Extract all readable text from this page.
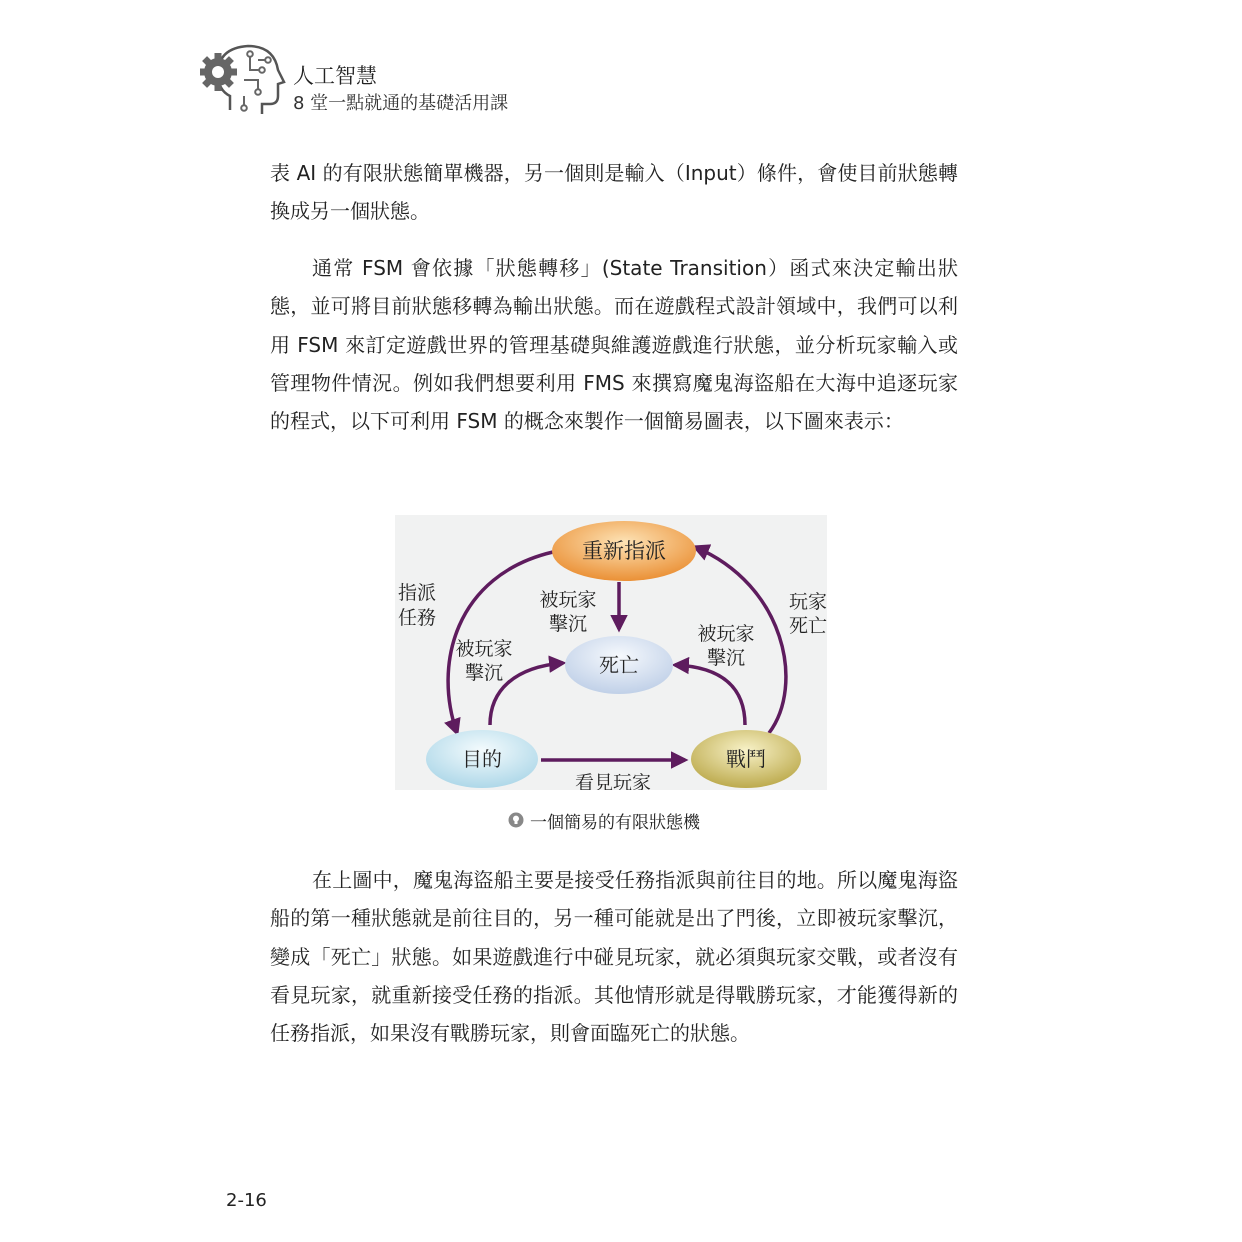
人工智慧
8 堂一點就通的基礎活用課

表 AI 的有限狀態簡單機器，另一個則是輸入（Input）條件，會使目前狀態轉換成另一個狀態。

通常 FSM 會依據「狀態轉移」(State Transition）函式來決定輸出狀態，並可將目前狀態移轉為輸出狀態。而在遊戲程式設計領域中，我們可以利用 FSM 來訂定遊戲世界的管理基礎與維護遊戲進行狀態，並分析玩家輸入或管理物件情況。例如我們想要利用 FMS 來撰寫魔鬼海盜船在大海中追逐玩家的程式，以下可利用 FSM 的概念來製作一個簡易圖表，以下圖來表示：

重新指派
死亡
目的	戰鬥
指派
任務
被玩家
擊沉
被玩家
擊沉
被玩家
擊沉
玩家
死亡
看見玩家
一個簡易的有限狀態機

在上圖中，魔鬼海盜船主要是接受任務指派與前往目的地。所以魔鬼海盜船的第一種狀態就是前往目的，另一種可能就是出了門後，立即被玩家擊沉，變成「死亡」狀態。如果遊戲進行中碰見玩家，就必須與玩家交戰，或者沒有看見玩家，就重新接受任務的指派。其他情形就是得戰勝玩家，才能獲得新的任務指派，如果沒有戰勝玩家，則會面臨死亡的狀態。

2-16
